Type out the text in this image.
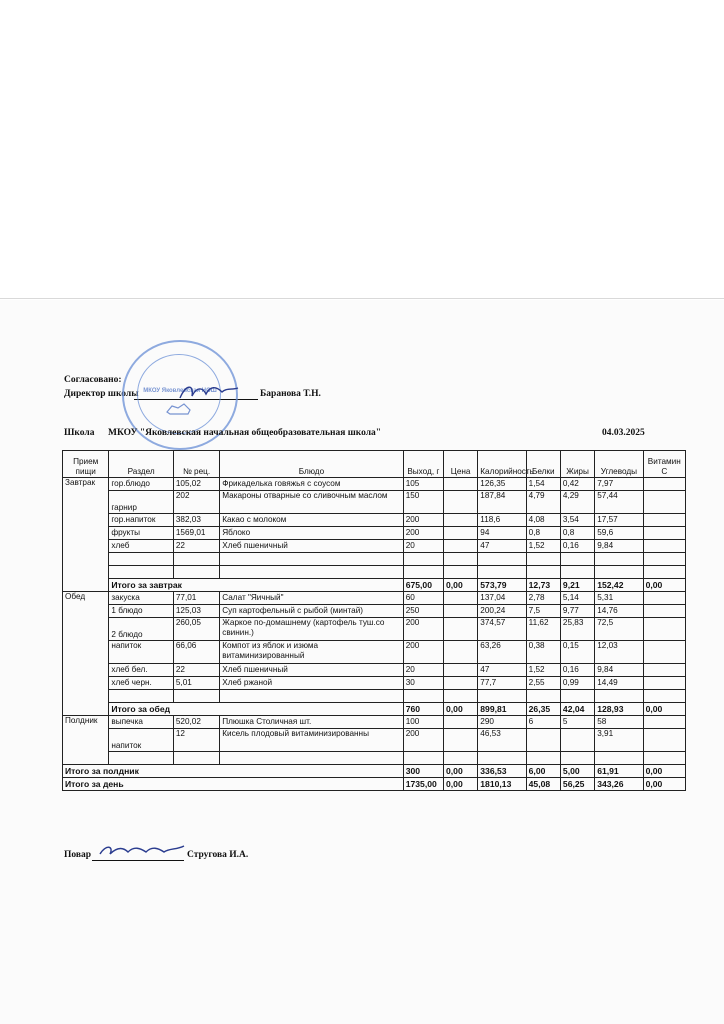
Согласовано:
Директор школы	Баранова Т.Н.
МКОУ Яковлевская НОШ
Школа МКОУ "Яковлевская начальная общеобразовательная школа"	04.03.2025
Прием пищи	Раздел	№ рец.	Блюдо	Выход, г	Цена	Калорийность	Белки	Жиры	Углеводы	Витамин С
Завтрак	гор.блюдо	105,02	Фрикаделька говяжья с соусом	105		126,35	1,54	0,42	7,97	
	гарнир	202	Макароны отварные со сливочным маслом	150		187,84	4,79	4,29	57,44	
	гор.напиток	382,03	Какао с молоком	200		118,6	4,08	3,54	17,57	
	фрукты	1569,01	Яблоко	200		94	0,8	0,8	59,6	
	хлеб	22	Хлеб пшеничный	20		47	1,52	0,16	9,84	

	Итого за завтрак			675,00	0,00	573,79	12,73	9,21	152,42	0,00
Обед	закуска	77,01	Салат "Яичный"	60		137,04	2,78	5,14	5,31	
	1 блюдо	125,03	Суп картофельный с рыбой (минтай)	250		200,24	7,5	9,77	14,76	
	2 блюдо	260,05	Жаркое по-домашнему (картофель туш.со свинин.)	200		374,57	11,62	25,83	72,5	
	напиток	66,06	Компот из яблок и изюма витаминизированный	200		63,26	0,38	0,15	12,03	
	хлеб бел.	22	Хлеб пшеничный	20		47	1,52	0,16	9,84	
	хлеб черн.	5,01	Хлеб ржаной	30		77,7	2,55	0,99	14,49	

	Итого за обед			760	0,00	899,81	26,35	42,04	128,93	0,00
Полдник	выпечка	520,02	Плюшка Столичная шт.	100		290	6	5	58	
	напиток	12	Кисель плодовый витаминизированны	200		46,53			3,91	

Итого за полдник				300	0,00	336,53	6,00	5,00	61,91	0,00
Итого за день				1735,00	0,00	1810,13	45,08	56,25	343,26	0,00
Повар	Стругова И.А.
